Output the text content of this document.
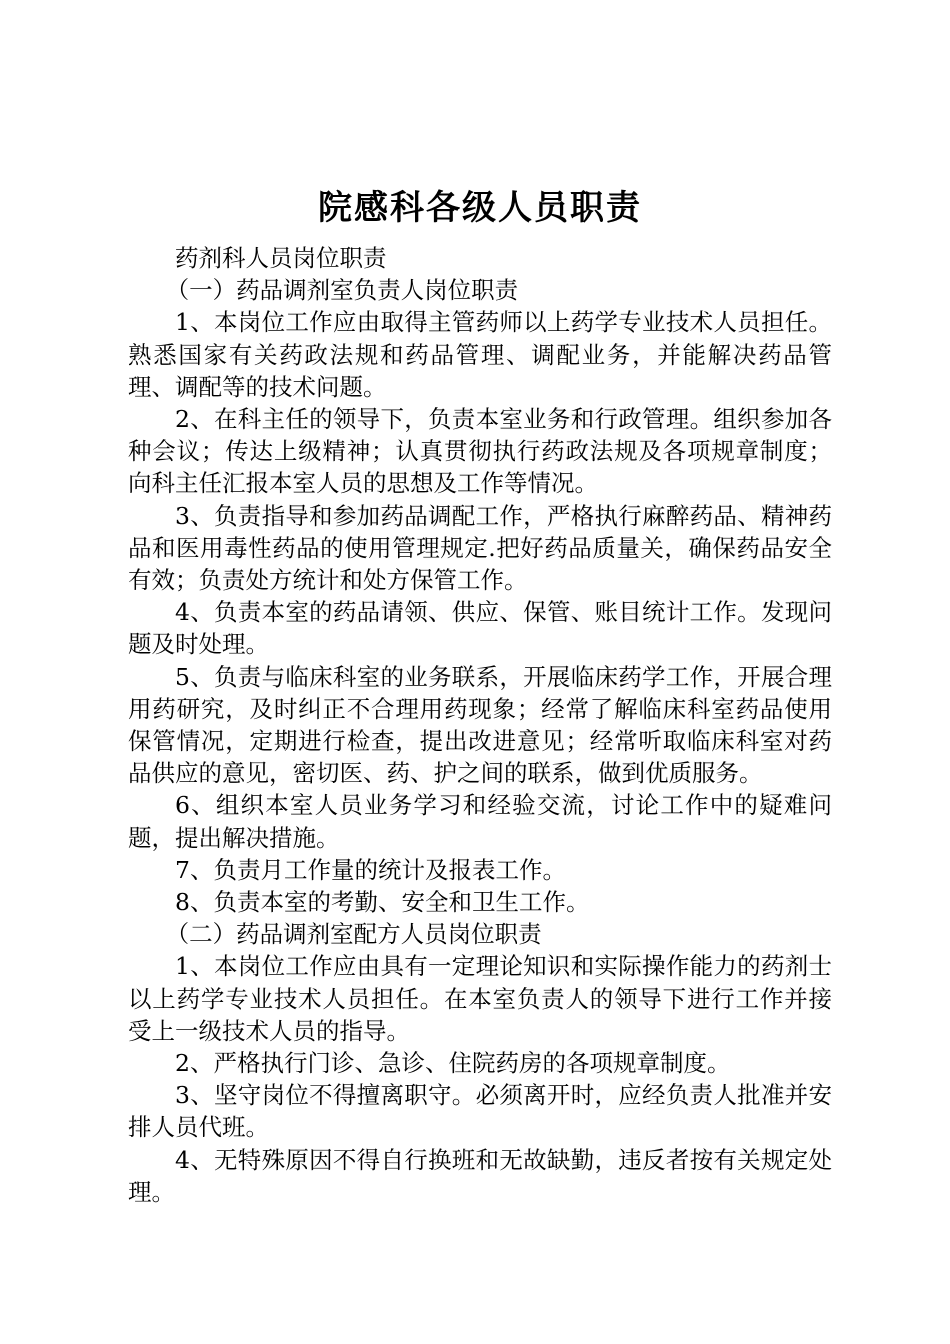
院感科各级人员职责

药剂科人员岗位职责

（一）药品调剂室负责人岗位职责

1、本岗位工作应由取得主管药师以上药学专业技术人员担任。熟悉国家有关药政法规和药品管理、调配业务，并能解决药品管理、调配等的技术问题。

2、在科主任的领导下，负责本室业务和行政管理。组织参加各种会议；传达上级精神；认真贯彻执行药政法规及各项规章制度；向科主任汇报本室人员的思想及工作等情况。

3、负责指导和参加药品调配工作，严格执行麻醉药品、精神药品和医用毒性药品的使用管理规定.把好药品质量关，确保药品安全有效；负责处方统计和处方保管工作。

4、负责本室的药品请领、供应、保管、账目统计工作。发现问题及时处理。

5、负责与临床科室的业务联系，开展临床药学工作，开展合理用药研究，及时纠正不合理用药现象；经常了解临床科室药品使用保管情况，定期进行检查，提出改进意见；经常听取临床科室对药品供应的意见，密切医、药、护之间的联系，做到优质服务。

6、组织本室人员业务学习和经验交流，讨论工作中的疑难问题，提出解决措施。

7、负责月工作量的统计及报表工作。

8、负责本室的考勤、安全和卫生工作。

（二）药品调剂室配方人员岗位职责

1、本岗位工作应由具有一定理论知识和实际操作能力的药剂士以上药学专业技术人员担任。在本室负责人的领导下进行工作并接受上一级技术人员的指导。

2、严格执行门诊、急诊、住院药房的各项规章制度。

3、坚守岗位不得擅离职守。必须离开时，应经负责人批准并安排人员代班。

4、无特殊原因不得自行换班和无故缺勤，违反者按有关规定处理。
